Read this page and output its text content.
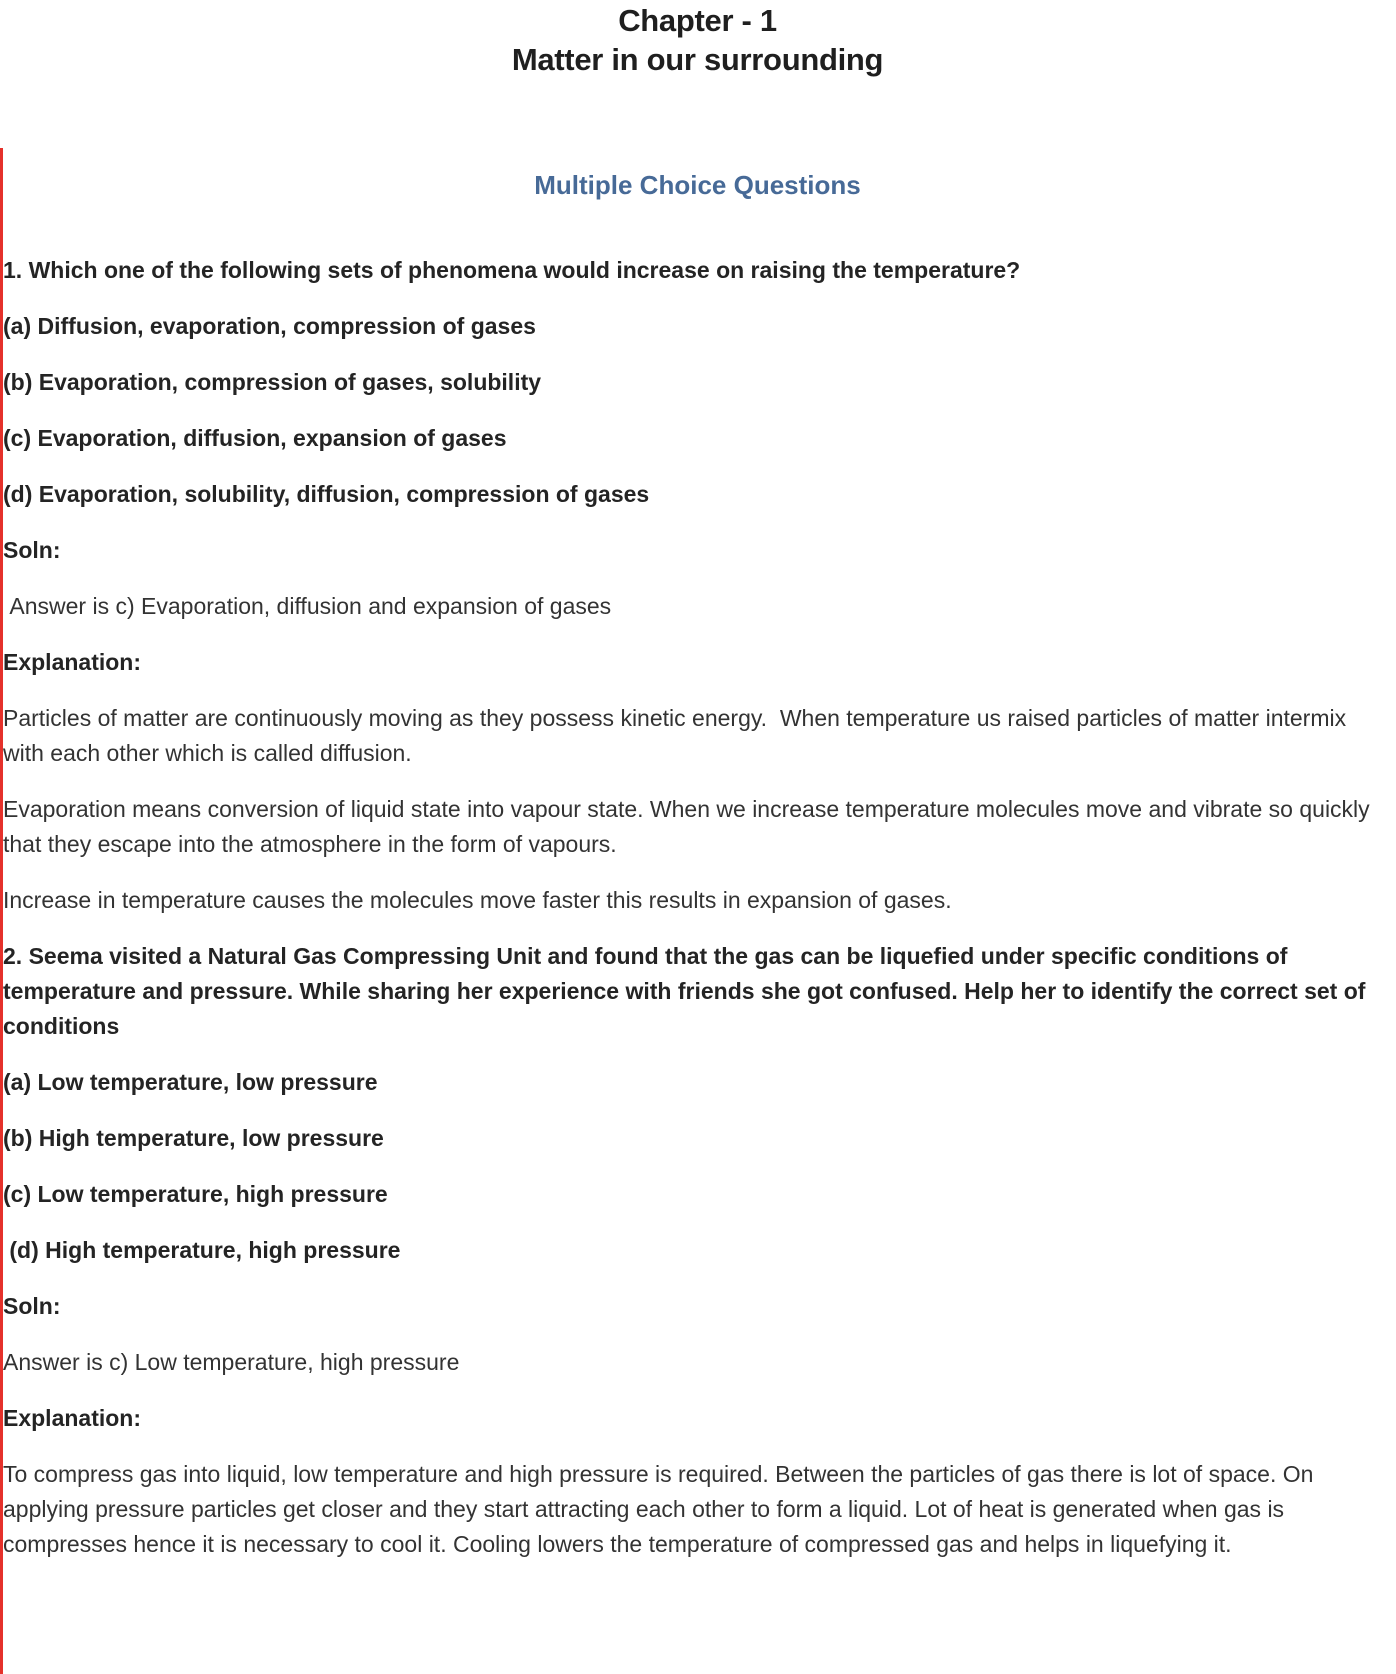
Chapter - 1
Matter in our surrounding
Multiple Choice Questions

1. Which one of the following sets of phenomena would increase on raising the temperature?

(a) Diffusion, evaporation, compression of gases

(b) Evaporation, compression of gases, solubility

(c) Evaporation, diffusion, expansion of gases

(d) Evaporation, solubility, diffusion, compression of gases

Soln:

Answer is c) Evaporation, diffusion and expansion of gases

Explanation:

Particles of matter are continuously moving as they possess kinetic energy.  When temperature us raised particles of matter intermix with each other which is called diffusion.

Evaporation means conversion of liquid state into vapour state. When we increase temperature molecules move and vibrate so quickly that they escape into the atmosphere in the form of vapours.

Increase in temperature causes the molecules move faster this results in expansion of gases.

2. Seema visited a Natural Gas Compressing Unit and found that the gas can be liquefied under specific conditions of temperature and pressure. While sharing her experience with friends she got confused. Help her to identify the correct set of conditions

(a) Low temperature, low pressure

(b) High temperature, low pressure

(c) Low temperature, high pressure

(d) High temperature, high pressure

Soln:

Answer is c) Low temperature, high pressure

Explanation:

To compress gas into liquid, low temperature and high pressure is required. Between the particles of gas there is lot of space. On applying pressure particles get closer and they start attracting each other to form a liquid. Lot of heat is generated when gas is compresses hence it is necessary to cool it. Cooling lowers the temperature of compressed gas and helps in liquefying it.
